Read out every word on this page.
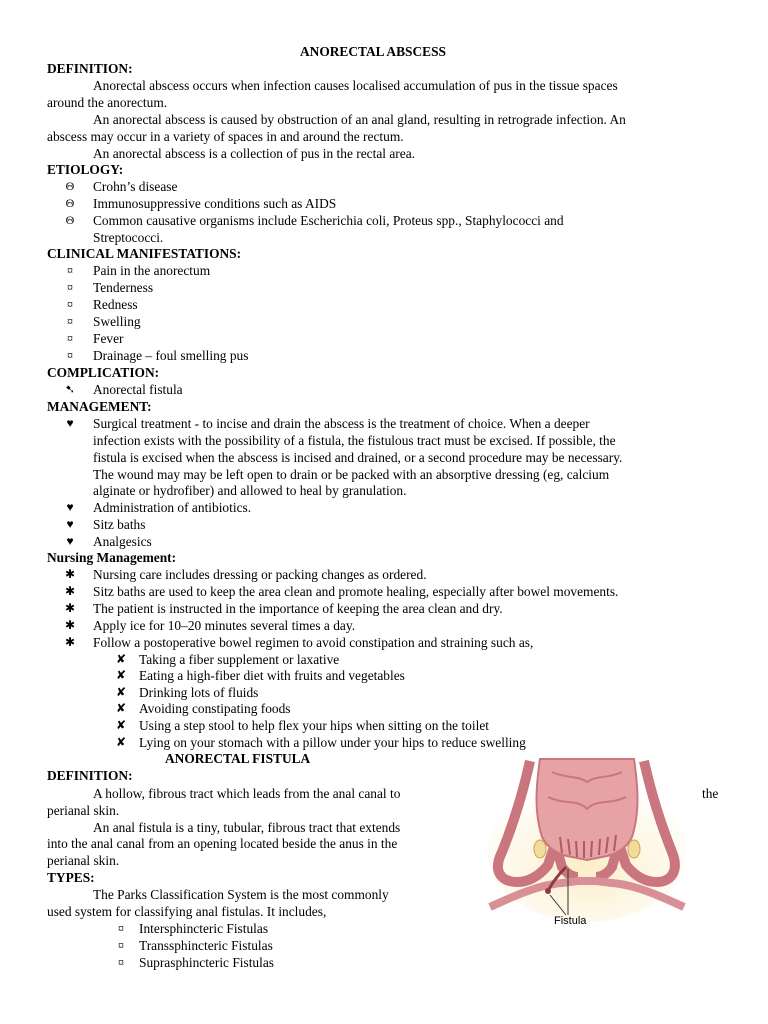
ANORECTAL ABSCESS
DEFINITION:
Anorectal abscess occurs when infection causes localised accumulation of pus in the tissue spaces
around the anorectum.
An anorectal abscess is caused by obstruction of an anal gland, resulting in retrograde infection. An
abscess may occur in a variety of spaces in and around the rectum.
An anorectal abscess is a collection of pus in the rectal area.
ETIOLOGY:
Θ Crohn’s disease
Θ Immunosuppressive conditions such as AIDS
Θ Common causative organisms include Escherichia coli, Proteus spp., Staphylococci and
Streptococci.
CLINICAL MANIFESTATIONS:
¤	Pain in the anorectum
¤	Tenderness
¤	Redness
¤	Swelling
¤	Fever
¤	Drainage – foul smelling pus
COMPLICATION:
➷ Anorectal fistula
MANAGEMENT:
♥	Surgical treatment - to incise and drain the abscess is the treatment of choice. When a deeper
infection exists with the possibility of a fistula, the fistulous tract must be excised. If possible, the
fistula is excised when the abscess is incised and drained, or a second procedure may be necessary.
The wound may may be left open to drain or be packed with an absorptive dressing (eg, calcium
alginate or hydrofiber) and allowed to heal by granulation.
♥	Administration of antibiotics.
♥	Sitz baths
♥	Analgesics
Nursing Management:
✱ Nursing care includes dressing or packing changes as ordered.
✱ Sitz baths are used to keep the area clean and promote healing, especially after bowel movements.
✱ The patient is instructed in the importance of keeping the area clean and dry.
✱ Apply ice for 10–20 minutes several times a day.
✱ Follow a postoperative bowel regimen to avoid constipation and straining such as,
✘ Taking a fiber supplement or laxative
✘ Eating a high-fiber diet with fruits and vegetables
✘ Drinking lots of fluids
✘ Avoiding constipating foods
✘ Using a step stool to help flex your hips when sitting on the toilet
✘ Lying on your stomach with a pillow under your hips to reduce swelling
ANORECTAL FISTULA
DEFINITION:
A hollow, fibrous tract which leads from the anal canal to	the
perianal skin.
An anal fistula is a tiny, tubular, fibrous tract that extends
into the anal canal from an opening located beside the anus in the
perianal skin.
TYPES:
The Parks Classification System is the most commonly
used system for classifying anal fistulas. It includes,
¤	Intersphincteric Fistulas
¤	Transsphincteric Fistulas
¤	Suprasphincteric Fistulas
Fistula
